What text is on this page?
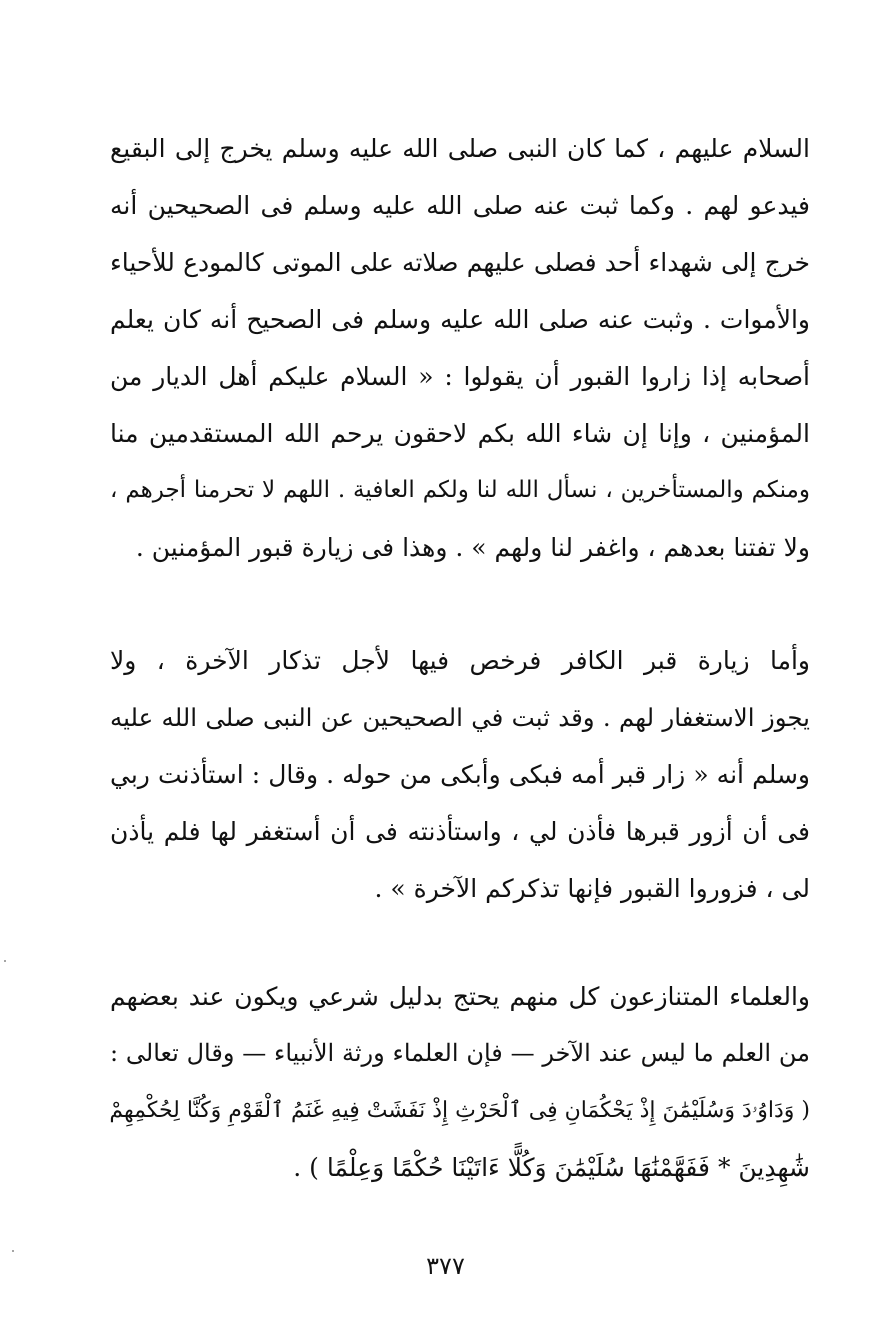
السلام عليهم ، كما كان النبى صلى الله عليه وسلم يخرج إلى البقيع
فيدعو لهم . وكما ثبت عنه صلى الله عليه وسلم فى الصحيحين أنه
خرج إلى شهداء أحد فصلى عليهم صلاته على الموتى كالمودع للأحياء
والأموات . وثبت عنه صلى الله عليه وسلم فى الصحيح أنه كان يعلم
أصحابه إذا زاروا القبور أن يقولوا : « السلام عليكم أهل الديار من
المؤمنين ، وإنا إن شاء الله بكم لاحقون يرحم الله المستقدمين منا
ومنكم والمستأخرين ، نسأل الله لنا ولكم العافية . اللهم لا تحرمنا أجرهم ،
ولا تفتنا بعدهم ، واغفر لنا ولهم » . وهذا فى زيارة قبور المؤمنين .
وأما زيارة قبر الكافر فرخص فيها لأجل تذكار الآخرة ، ولا
يجوز الاستغفار لهم . وقد ثبت في الصحيحين عن النبى صلى الله عليه
وسلم أنه « زار قبر أمه فبكى وأبكى من حوله . وقال : استأذنت ربي
فى أن أزور قبرها فأذن لي ، واستأذنته فى أن أستغفر لها فلم يأذن
لى ، فزوروا القبور فإنها تذكركم الآخرة » .
والعلماء المتنازعون كل منهم يحتج بدليل شرعي ويكون عند بعضهم
من العلم ما ليس عند الآخر — فإن العلماء ورثة الأنبياء — وقال تعالى :
( وَدَاوُۥدَ وَسُلَيْمَٰنَ إِذْ يَحْكُمَانِ فِى ٱلْحَرْثِ إِذْ نَفَشَتْ فِيهِ غَنَمُ ٱلْقَوْمِ وَكُنَّا لِحُكْمِهِمْ
شَٰهِدِينَ * فَفَهَّمْنَٰهَا سُلَيْمَٰنَ وَكُلًّا ءَاتَيْنَا حُكْمًا وَعِلْمًا ) .
٣٧٧
